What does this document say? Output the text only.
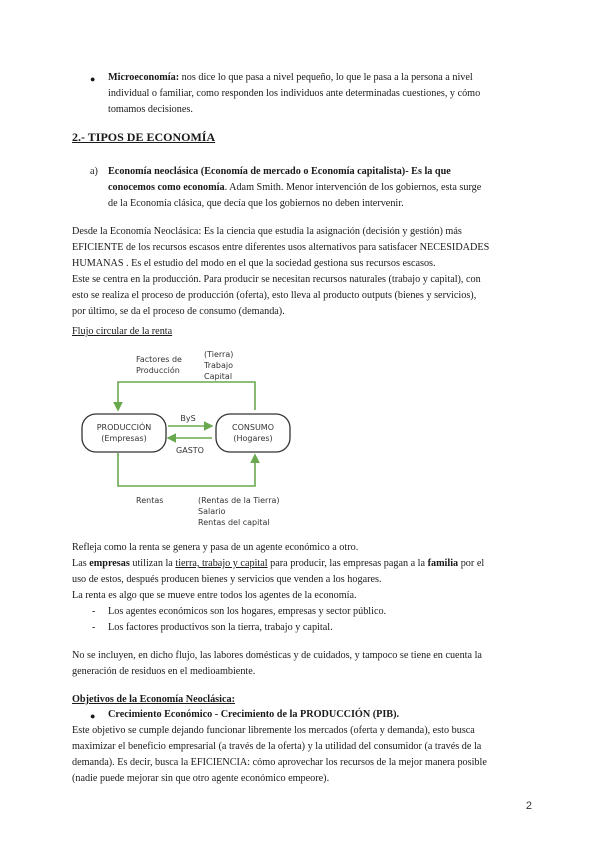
● Microeconomía: nos dice lo que pasa a nivel pequeño, lo que le pasa a la persona a nivel

individual o familiar, como responden los individuos ante determinadas cuestiones, y cómo

tomamos decisiones.

2.- TIPOS DE ECONOMÍA
a) Economía neoclásica (Economía de mercado o Economía capitalista)- Es la que

conocemos como economía. Adam Smith. Menor intervención de los gobiernos, esta surge

de la Economía clásica, que decía que los gobiernos no deben intervenir.

Desde la Economía Neoclásica: Es la ciencia que estudia la asignación (decisión y gestión) más

EFICIENTE de los recursos escasos entre diferentes usos alternativos para satisfacer NECESIDADES

HUMANAS . Es el estudio del modo en el que la sociedad gestiona sus recursos escasos.

Este se centra en la producción. Para producir se necesitan recursos naturales (trabajo y capital), con

esto se realiza el proceso de producción (oferta), esto lleva al producto outputs (bienes y servicios),

por último, se da el proceso de consumo (demanda).

Flujo circular de la renta

PRODUCCIÓN
(Empresas)
CONSUMO
(Hogares)
ByS
GASTO
Factores de
Producción
(Tierra)
Trabajo
Capital
Rentas	(Rentas de la Tierra)
Salario
Rentas del capital

Refleja como la renta se genera y pasa de un agente económico a otro.

Las empresas utilizan la tierra, trabajo y capital para producir, las empresas pagan a la familia por el

uso de estos, después producen bienes y servicios que venden a los hogares.

La renta es algo que se mueve entre todos los agentes de la economía.

- Los agentes económicos son los hogares, empresas y sector público.

- Los factores productivos son la tierra, trabajo y capital.

No se incluyen, en dicho flujo, las labores domésticas y de cuidados, y tampoco se tiene en cuenta la

generación de residuos en el medioambiente.

Objetivos de la Economía Neoclásica:

● Crecimiento Económico - Crecimiento de la PRODUCCIÓN (PIB).

Este objetivo se cumple dejando funcionar libremente los mercados (oferta y demanda), esto busca

maximizar el beneficio empresarial (a través de la oferta) y la utilidad del consumidor (a través de la

demanda). Es decir, busca la EFICIENCIA: cómo aprovechar los recursos de la mejor manera posible

(nadie puede mejorar sin que otro agente económico empeore).

2
